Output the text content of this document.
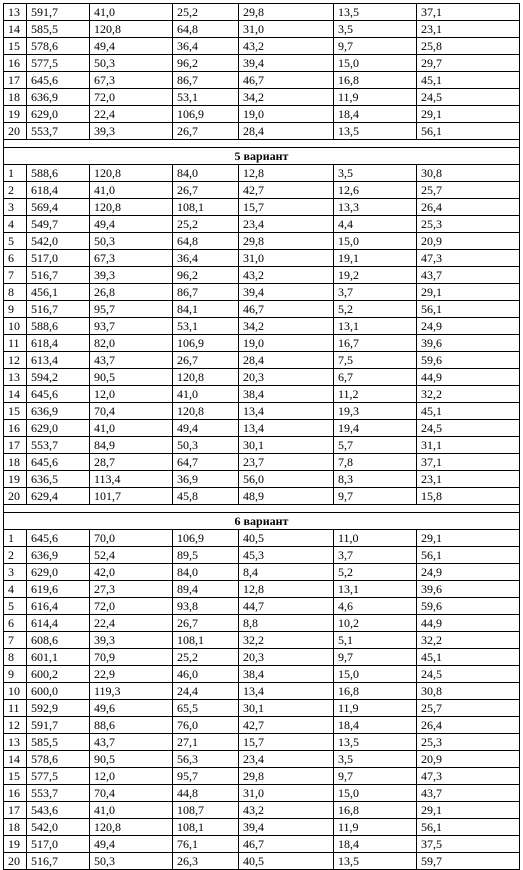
13	591,7	41,0	25,2	29,8	13,5	37,1
14	585,5	120,8	64,8	31,0	3,5	23,1
15	578,6	49,4	36,4	43,2	9,7	25,8
16	577,5	50,3	96,2	39,4	15,0	29,7
17	645,6	67,3	86,7	46,7	16,8	45,1
18	636,9	72,0	53,1	34,2	11,9	24,5
19	629,0	22,4	106,9	19,0	18,4	29,1
20	553,7	39,3	26,7	28,4	13,5	56,1

5 вариант						
1	588,6	120,8	84,0	12,8	3,5	30,8
2	618,4	41,0	26,7	42,7	12,6	25,7
3	569,4	120,8	108,1	15,7	13,3	26,4
4	549,7	49,4	25,2	23,4	4,4	25,3
5	542,0	50,3	64,8	29,8	15,0	20,9
6	517,0	67,3	36,4	31,0	19,1	47,3
7	516,7	39,3	96,2	43,2	19,2	43,7
8	456,1	26,8	86,7	39,4	3,7	29,1
9	516,7	95,7	84,1	46,7	5,2	56,1
10	588,6	93,7	53,1	34,2	13,1	24,9
11	618,4	82,0	106,9	19,0	16,7	39,6
12	613,4	43,7	26,7	28,4	7,5	59,6
13	594,2	90,5	120,8	20,3	6,7	44,9
14	645,6	12,0	41,0	38,4	11,2	32,2
15	636,9	70,4	120,8	13,4	19,3	45,1
16	629,0	41,0	49,4	13,4	19,4	24,5
17	553,7	84,9	50,3	30,1	5,7	31,1
18	645,6	28,7	64,7	23,7	7,8	37,1
19	636,5	113,4	36,9	56,0	8,3	23,1
20	629,4	101,7	45,8	48,9	9,7	15,8

6 вариант						
1	645,6	70,0	106,9	40,5	11,0	29,1
2	636,9	52,4	89,5	45,3	3,7	56,1
3	629,0	42,0	84,0	8,4	5,2	24,9
4	619,6	27,3	89,4	12,8	13,1	39,6
5	616,4	72,0	93,8	44,7	4,6	59,6
6	614,4	22,4	26,7	8,8	10,2	44,9
7	608,6	39,3	108,1	32,2	5,1	32,2
8	601,1	70,9	25,2	20,3	9,7	45,1
9	600,2	22,9	46,0	38,4	15,0	24,5
10	600,0	119,3	24,4	13,4	16,8	30,8
11	592,9	49,6	65,5	30,1	11,9	25,7
12	591,7	88,6	76,0	42,7	18,4	26,4
13	585,5	43,7	27,1	15,7	13,5	25,3
14	578,6	90,5	56,3	23,4	3,5	20,9
15	577,5	12,0	95,7	29,8	9,7	47,3
16	553,7	70,4	44,8	31,0	15,0	43,7
17	543,6	41,0	108,7	43,2	16,8	29,1
18	542,0	120,8	108,1	39,4	11,9	56,1
19	517,0	49,4	76,1	46,7	18,4	37,5
20	516,7	50,3	26,3	40,5	13,5	59,7
